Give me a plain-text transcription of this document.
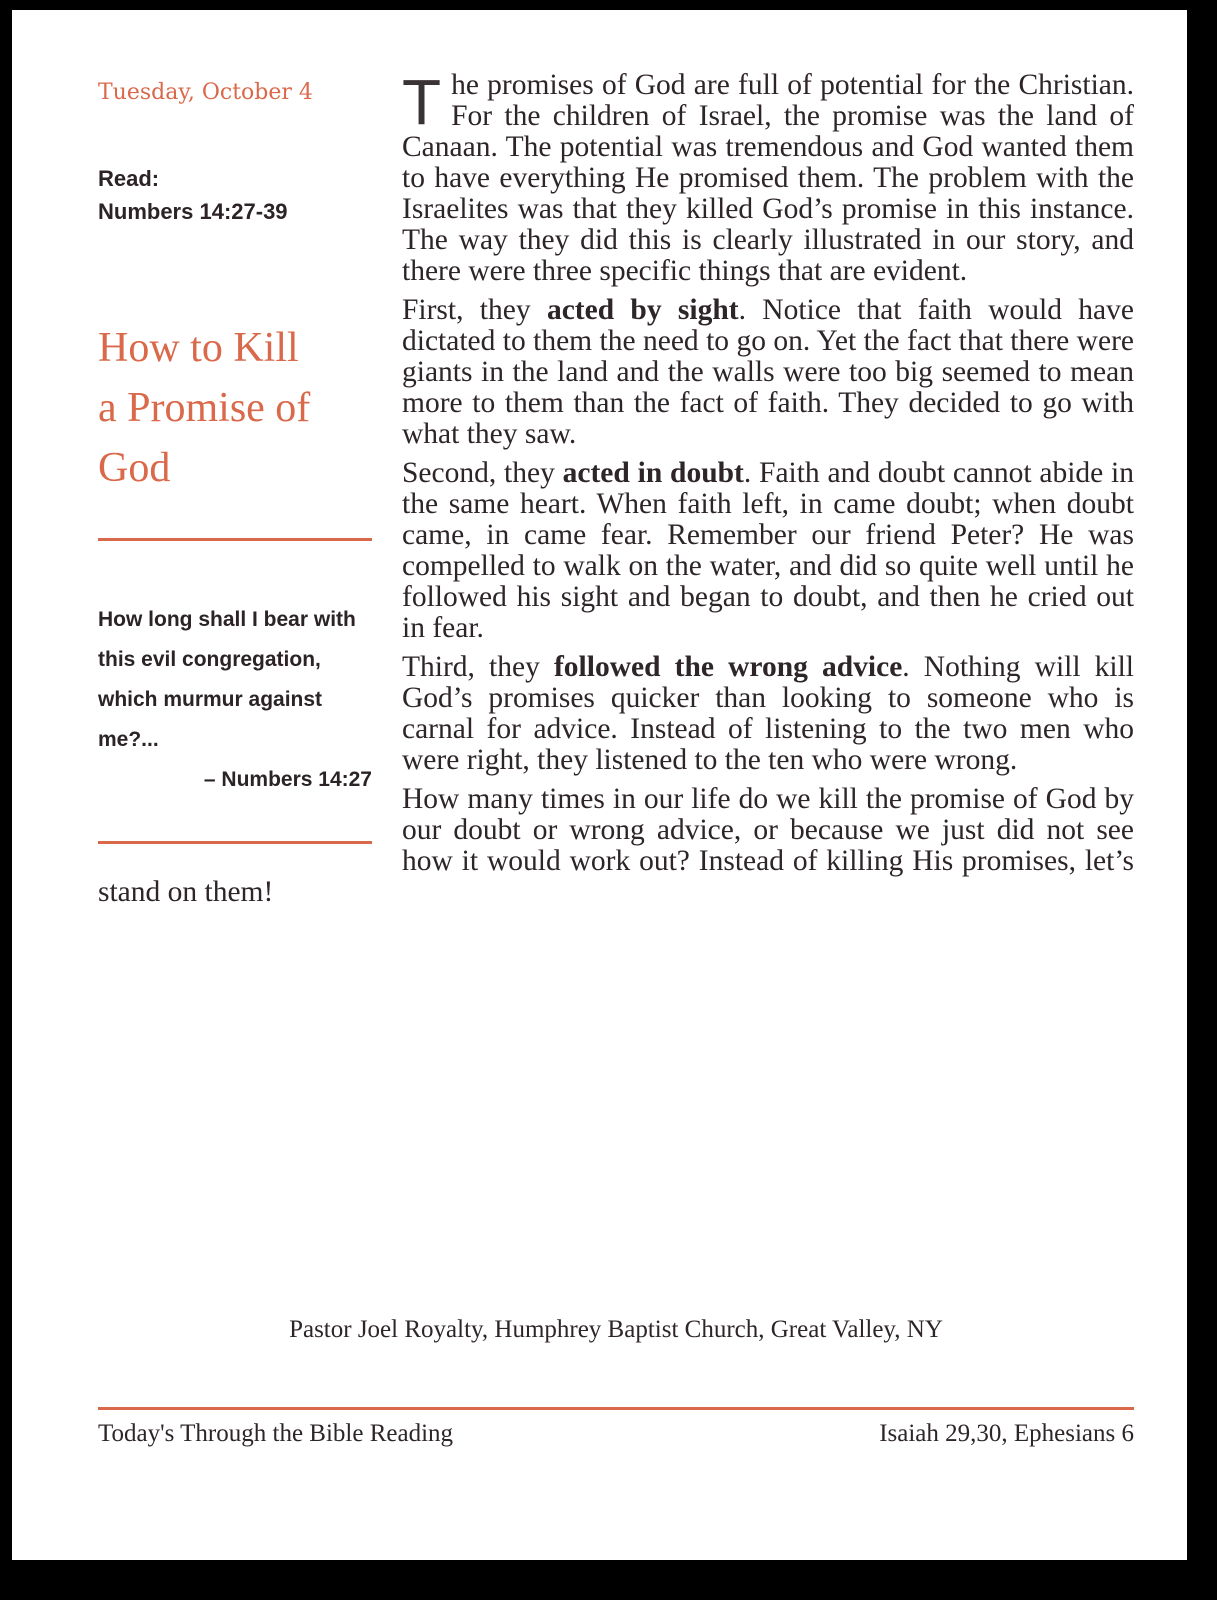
Tuesday, October 4
Read:
Numbers 14:27-39
How to Kill
a Promise of
God
How long shall I bear with this evil congregation, which murmur against me?...
– Numbers 14:27

The promises of God are full of potential for the Christian. For the children of Israel, the promise was the land of Canaan. The potential was tremendous and God wanted them to have everything He promised them. The problem with the Israelites was that they killed God’s promise in this instance. The way they did this is clearly illustrated in our story, and there were three specific things that are evident.

First, they acted by sight. Notice that faith would have dictated to them the need to go on. Yet the fact that there were giants in the land and the walls were too big seemed to mean more to them than the fact of faith. They decided to go with what they saw.

Second, they acted in doubt. Faith and doubt cannot abide in the same heart. When faith left, in came doubt; when doubt came, in came fear. Remember our friend Peter? He was compelled to walk on the water, and did so quite well until he followed his sight and began to doubt, and then he cried out in fear.

Third, they followed the wrong advice. Nothing will kill God’s promises quicker than looking to someone who is carnal for advice. Instead of listening to the two men who were right, they listened to the ten who were wrong.

How many times in our life do we kill the promise of God by our doubt or wrong advice, or because we just did not see how it would work out? Instead of killing His promises, let’s stand on them!

Pastor Joel Royalty, Humphrey Baptist Church, Great Valley, NY
Today's Through the Bible Reading	Isaiah 29,30, Ephesians 6
